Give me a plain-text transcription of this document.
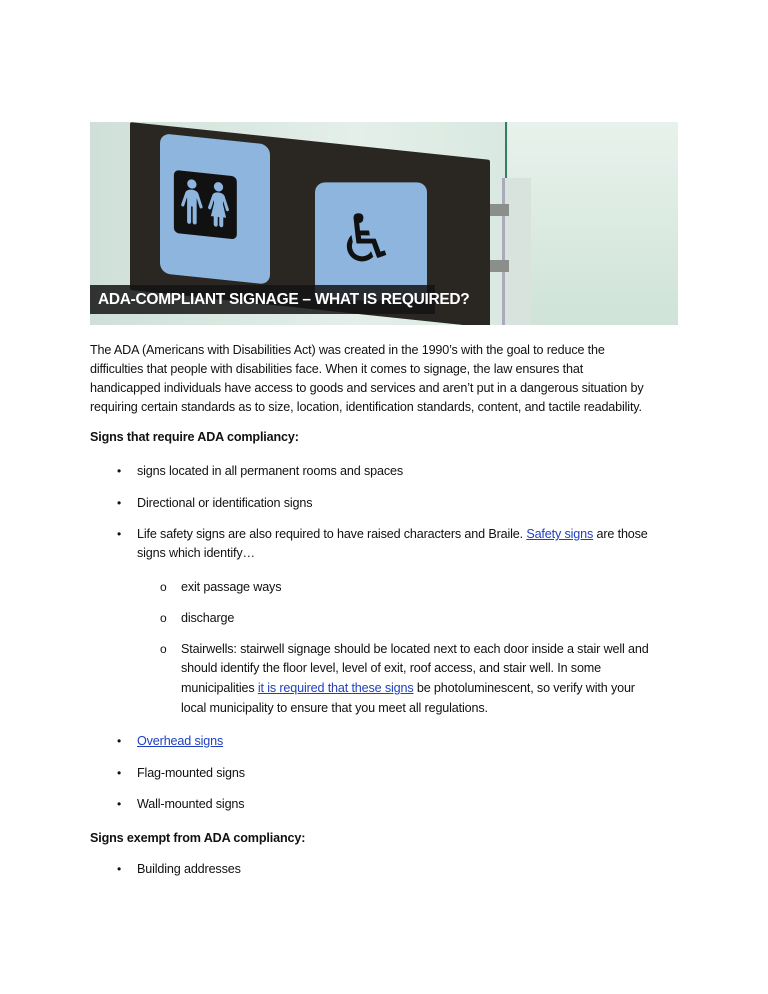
🚻︎ ♿︎
ADA-COMPLIANT SIGNAGE – WHAT IS REQUIRED?
The ADA (Americans with Disabilities Act) was created in the 1990’s with the goal to reduce the
difficulties that people with disabilities face. When it comes to signage, the law ensures that
handicapped individuals have access to goods and services and aren’t put in a dangerous situation by
requiring certain standards as to size, location, identification standards, content, and tactile readability.
Signs that require ADA compliancy:
• signs located in all permanent rooms and spaces
• Directional or identification signs
• Life safety signs are also required to have raised characters and Braile. Safety signs are those
signs which identify…
o exit passage ways
o discharge
o Stairwells: stairwell signage should be located next to each door inside a stair well and
should identify the floor level, level of exit, roof access, and stair well. In some
municipalities it is required that these signs be photoluminescent, so verify with your
local municipality to ensure that you meet all regulations.
• Overhead signs
• Flag-mounted signs
• Wall-mounted signs
Signs exempt from ADA compliancy:
• Building addresses
